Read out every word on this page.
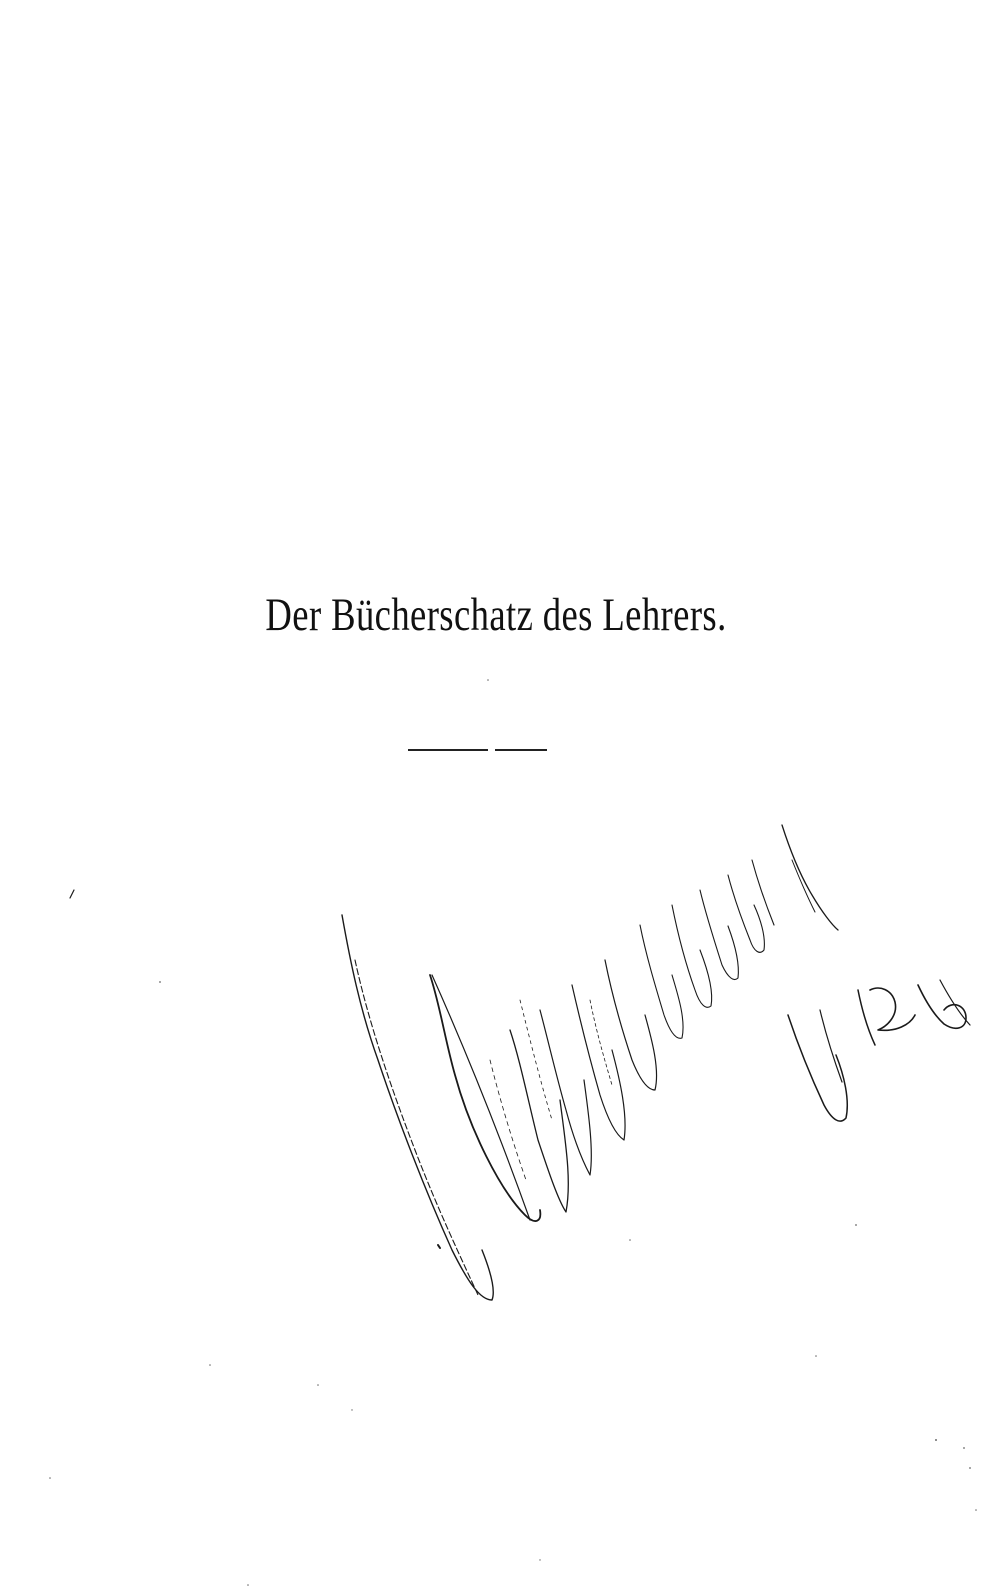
Der Bücherschatz des Lehrers.
